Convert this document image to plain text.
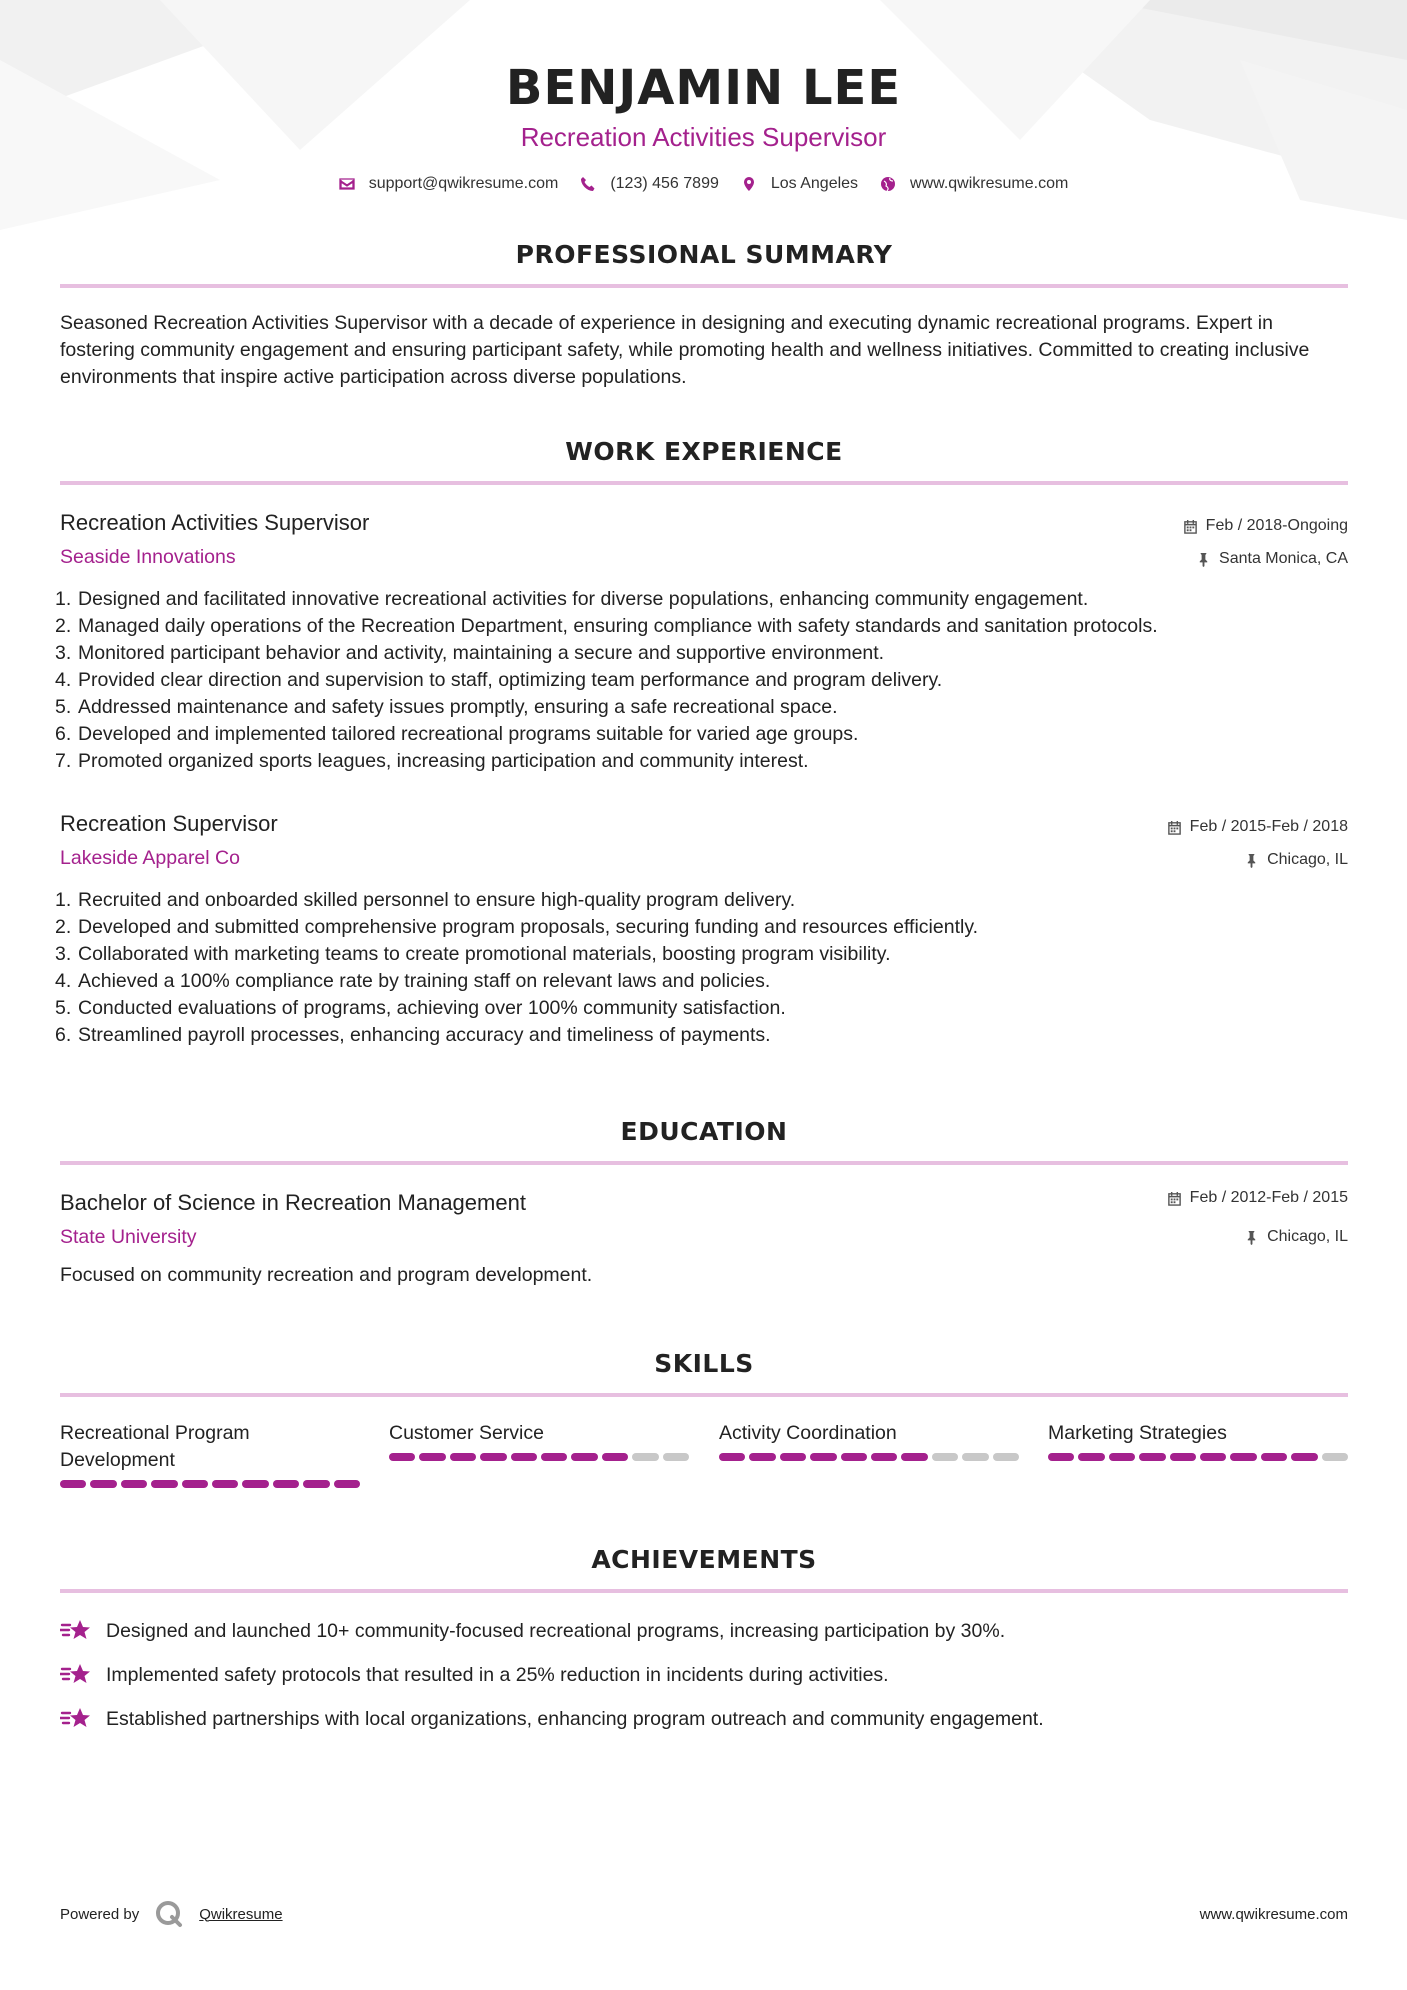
BENJAMIN LEE
Recreation Activities Supervisor
support@qwikresume.com	(123) 456 7899	Los Angeles	www.qwikresume.com
PROFESSIONAL SUMMARY
Seasoned Recreation Activities Supervisor with a decade of experience in designing and executing dynamic recreational programs. Expert in fostering community engagement and ensuring participant safety, while promoting health and wellness initiatives. Committed to creating inclusive environments that inspire active participation across diverse populations.
WORK EXPERIENCE
Recreation Activities Supervisor
Seaside Innovations
Feb / 2018-Ongoing
Santa Monica, CA
1. Designed and facilitated innovative recreational activities for diverse populations, enhancing community engagement.
2. Managed daily operations of the Recreation Department, ensuring compliance with safety standards and sanitation protocols.
3. Monitored participant behavior and activity, maintaining a secure and supportive environment.
4. Provided clear direction and supervision to staff, optimizing team performance and program delivery.
5. Addressed maintenance and safety issues promptly, ensuring a safe recreational space.
6. Developed and implemented tailored recreational programs suitable for varied age groups.
7. Promoted organized sports leagues, increasing participation and community interest.
Recreation Supervisor
Lakeside Apparel Co
Feb / 2015-Feb / 2018
Chicago, IL
1. Recruited and onboarded skilled personnel to ensure high-quality program delivery.
2. Developed and submitted comprehensive program proposals, securing funding and resources efficiently.
3. Collaborated with marketing teams to create promotional materials, boosting program visibility.
4. Achieved a 100% compliance rate by training staff on relevant laws and policies.
5. Conducted evaluations of programs, achieving over 100% community satisfaction.
6. Streamlined payroll processes, enhancing accuracy and timeliness of payments.
EDUCATION
Bachelor of Science in Recreation Management
State University
Feb / 2012-Feb / 2015
Chicago, IL
Focused on community recreation and program development.
SKILLS
Recreational Program
Development
Customer Service	Activity Coordination	Marketing Strategies
ACHIEVEMENTS
Designed and launched 10+ community-focused recreational programs, increasing participation by 30%.
Implemented safety protocols that resulted in a 25% reduction in incidents during activities.
Established partnerships with local organizations, enhancing program outreach and community engagement.
Powered by	Qwikresume	www.qwikresume.com
